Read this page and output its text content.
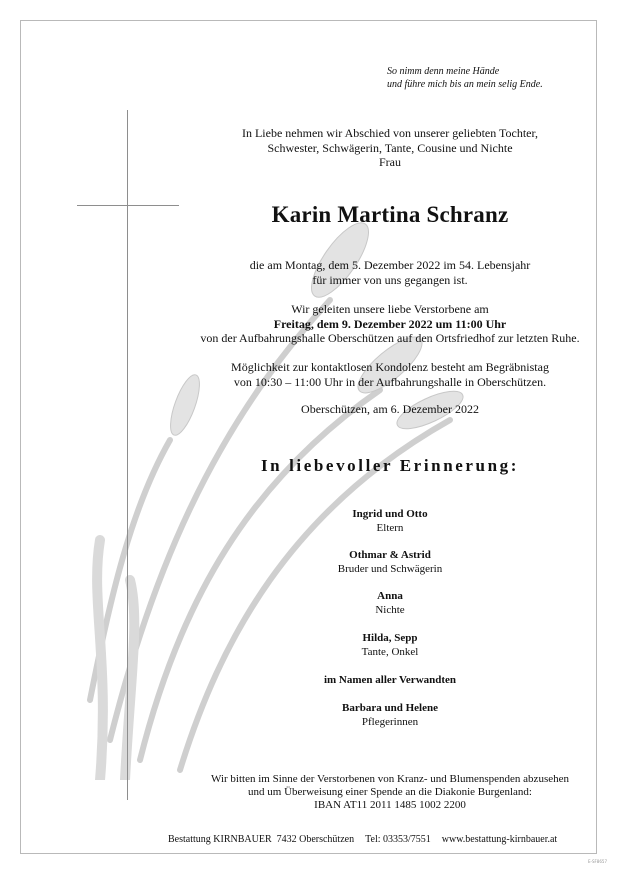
So nimm denn meine Hände
und führe mich bis an mein selig Ende.
In Liebe nehmen wir Abschied von unserer geliebten Tochter,
Schwester, Schwägerin, Tante, Cousine und Nichte
Frau
Karin Martina Schranz
die am Montag, dem 5. Dezember 2022 im 54. Lebensjahr
für immer von uns gegangen ist.
Wir geleiten unsere liebe Verstorbene am
Freitag, dem 9. Dezember 2022 um 11:00 Uhr
von der Aufbahrungshalle Oberschützen auf den Ortsfriedhof zur letzten Ruhe.
Möglichkeit zur kontaktlosen Kondolenz besteht am Begräbnistag
von 10:30 – 11:00 Uhr in der Aufbahrungshalle in Oberschützen.
Oberschützen, am 6. Dezember 2022
In liebevoller Erinnerung:
Ingrid und Otto
Eltern
Othmar & Astrid
Bruder und Schwägerin
Anna
Nichte
Hilda, Sepp
Tante, Onkel
im Namen aller Verwandten
Barbara und Helene
Pflegerinnen
Wir bitten im Sinne der Verstorbenen von Kranz- und Blumenspenden abzusehen
und um Überweisung einer Spende an die Diakonie Burgenland:
IBAN AT11 2011 1485 1002 2200
Bestattung KIRNBAUER 7432 Oberschützen Tel: 03353/7551 www.bestattung-kirnbauer.at
E-SF8657
